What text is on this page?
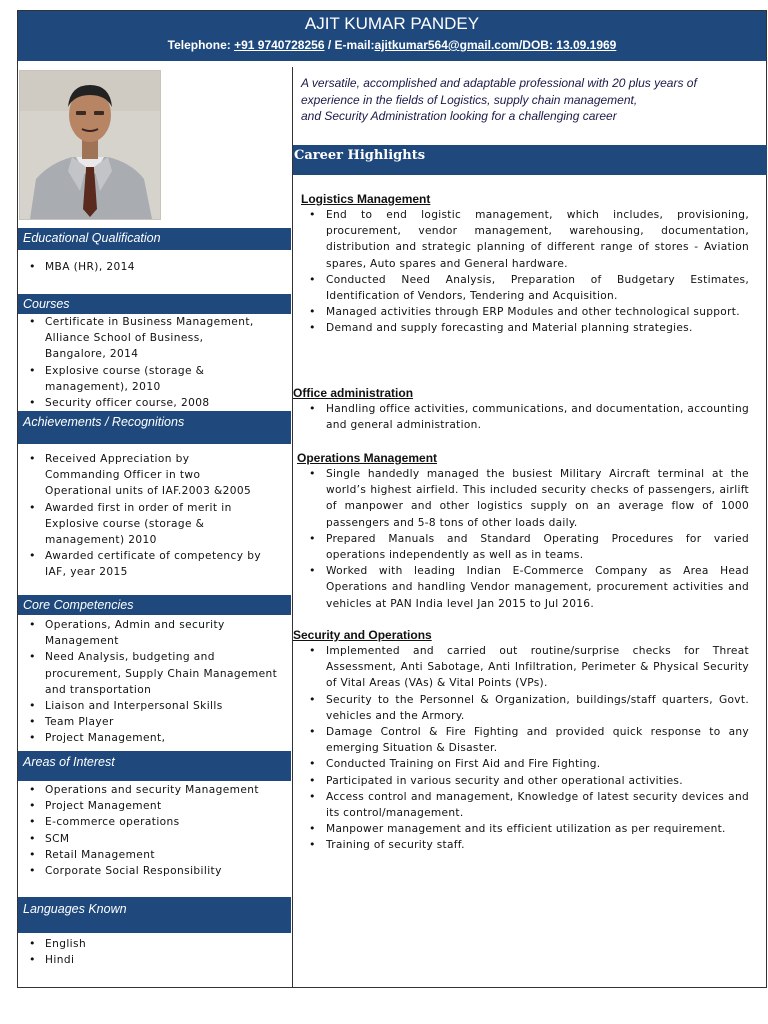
AJIT KUMAR PANDEY
Telephone: +91 9740728256 / E-mail:ajitkumar564@gmail.com/DOB: 13.09.1969
Educational Qualification
• MBA (HR), 2014
Courses
• Certificate in Business Management, Alliance School of Business, Bangalore, 2014
• Explosive course (storage & management), 2010
• Security officer course, 2008
Achievements / Recognitions
• Received Appreciation by Commanding Officer in two Operational units of IAF.2003 &2005
• Awarded first in order of merit in Explosive course (storage & management) 2010
• Awarded certificate of competency by IAF, year 2015
Core Competencies
• Operations, Admin and security Management
• Need Analysis, budgeting and procurement, Supply Chain Management and transportation
• Liaison and Interpersonal Skills
• Team Player
• Project Management,
Areas of Interest
• Operations and security Management
• Project Management
• E-commerce operations
• SCM
• Retail Management
• Corporate Social Responsibility
Languages Known
• English
• Hindi
A versatile, accomplished and adaptable professional with 20 plus years of
experience in the fields of Logistics, supply chain management,
and Security Administration looking for a challenging career
Career Highlights
Logistics Management
• End to end logistic management, which includes, provisioning, procurement, vendor management, warehousing, documentation, distribution and strategic planning of different range of stores - Aviation spares, Auto spares and General hardware.
• Conducted Need Analysis, Preparation of Budgetary Estimates, Identification of Vendors, Tendering and Acquisition.
• Managed activities through ERP Modules and other technological support.
• Demand and supply forecasting and Material planning strategies.
Office administration
• Handling office activities, communications, and documentation, accounting and general administration.
Operations Management
• Single handedly managed the busiest Military Aircraft terminal at the world’s highest airfield. This included security checks of passengers, airlift of manpower and other logistics supply on an average flow of 1000 passengers and 5-8 tons of other loads daily.
• Prepared Manuals and Standard Operating Procedures for varied operations independently as well as in teams.
• Worked with leading Indian E-Commerce Company as Area Head Operations and handling Vendor management, procurement activities and vehicles at PAN India level Jan 2015 to Jul 2016.
Security and Operations
• Implemented and carried out routine/surprise checks for Threat Assessment, Anti Sabotage, Anti Infiltration, Perimeter & Physical Security of Vital Areas (VAs) & Vital Points (VPs).
• Security to the Personnel & Organization, buildings/staff quarters, Govt. vehicles and the Armory.
• Damage Control & Fire Fighting and provided quick response to any emerging Situation & Disaster.
• Conducted Training on First Aid and Fire Fighting.
• Participated in various security and other operational activities.
• Access control and management, Knowledge of latest security devices and its control/management.
• Manpower management and its efficient utilization as per requirement.
• Training of security staff.
